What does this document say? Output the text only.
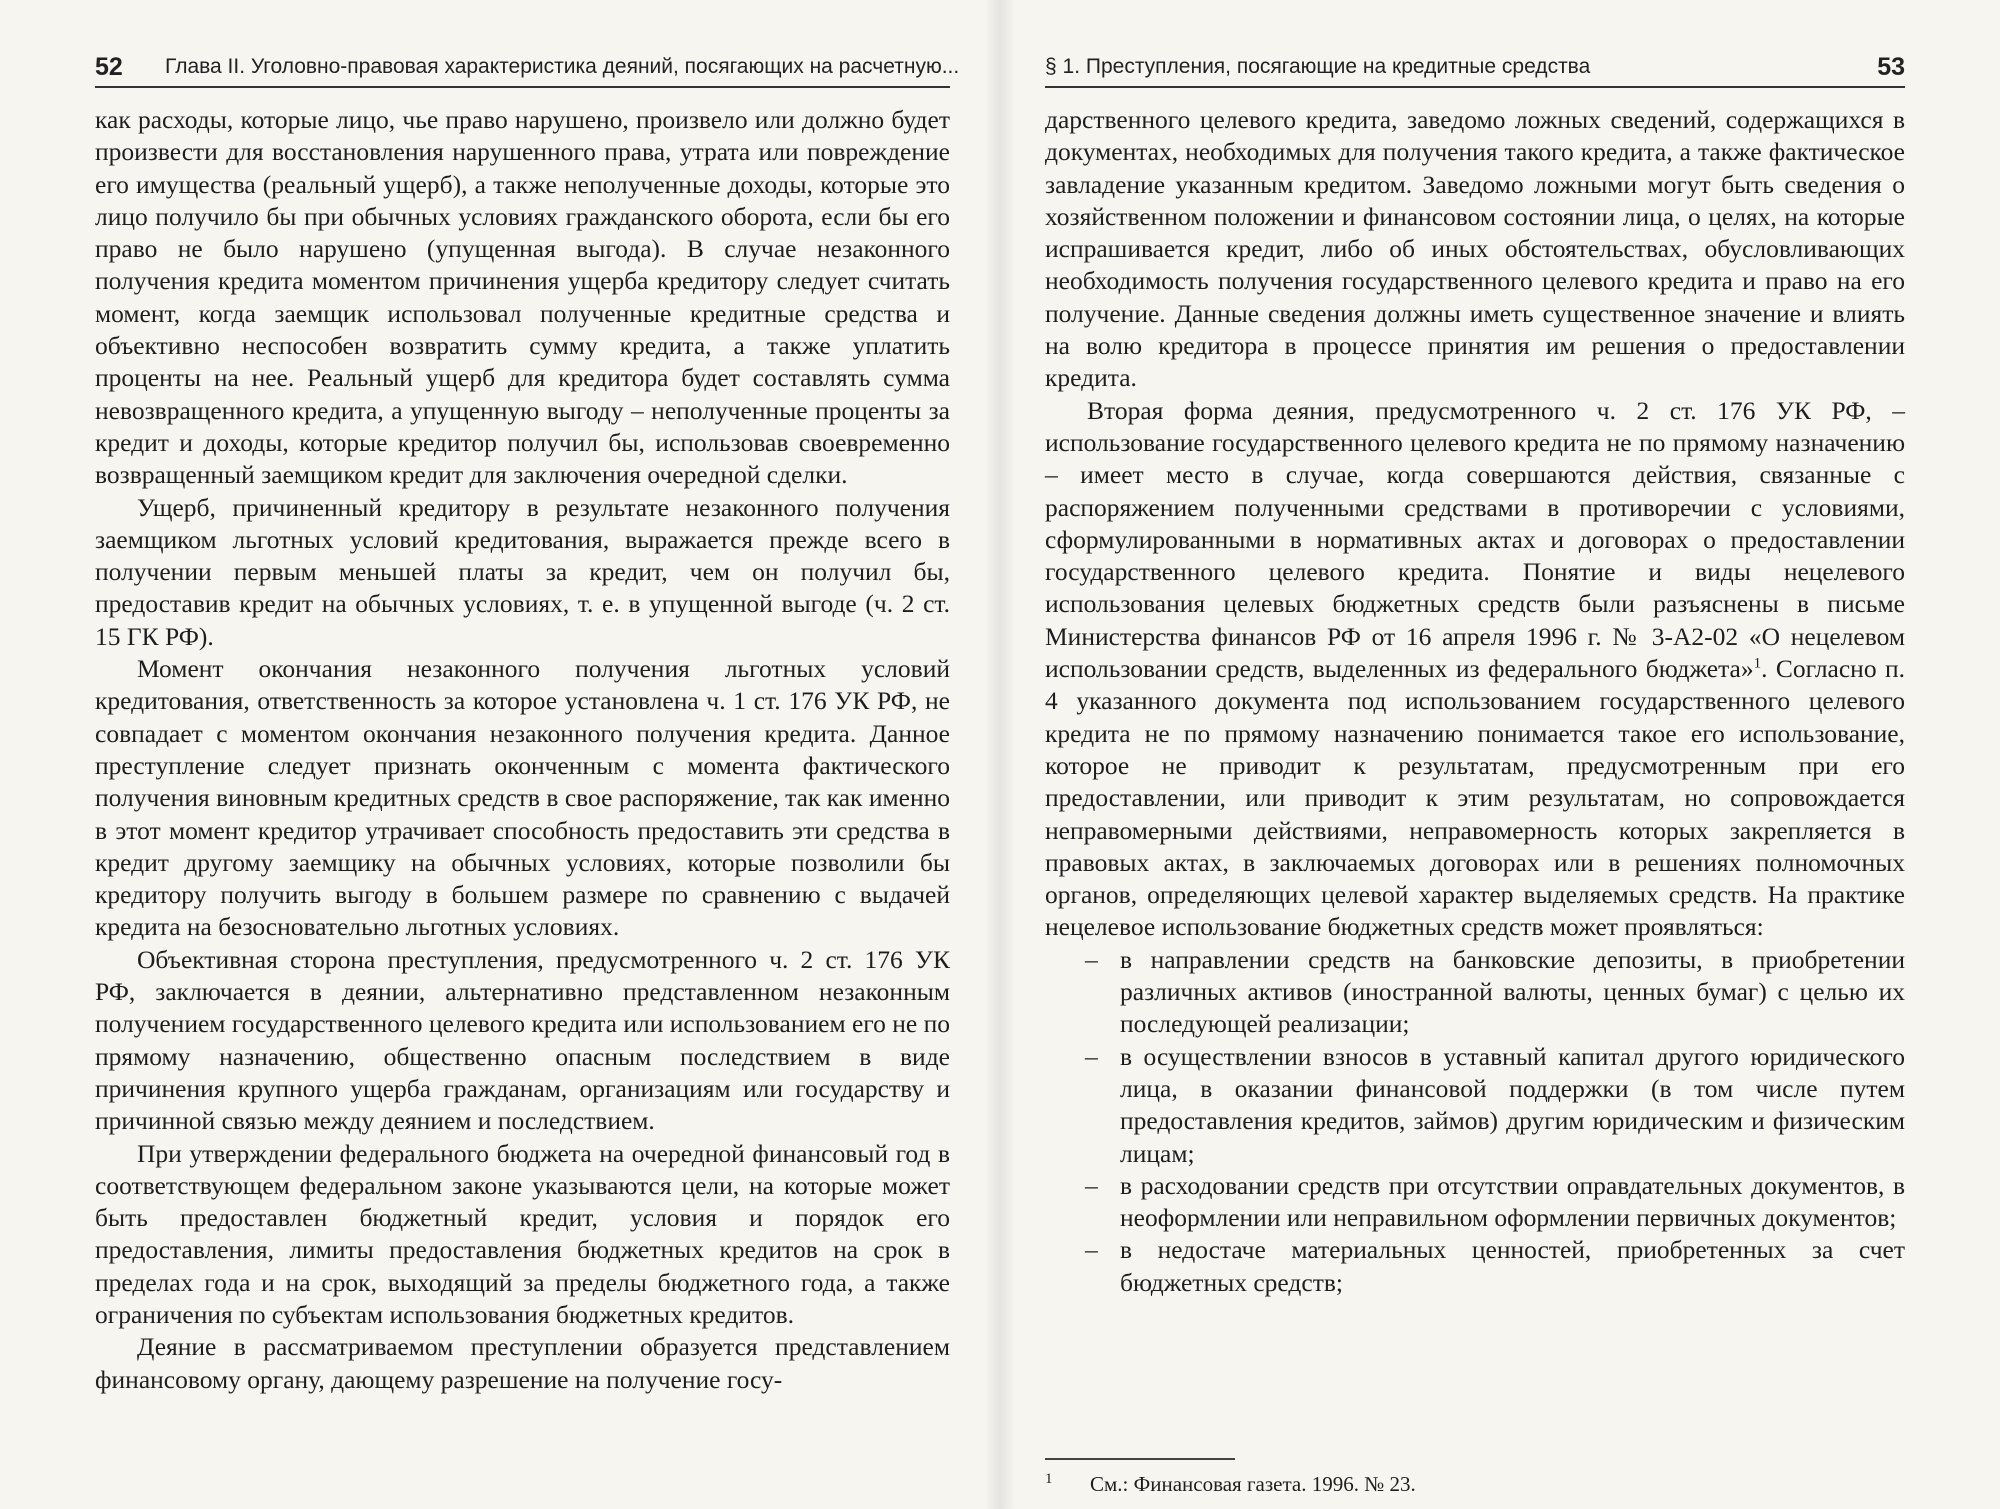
52 Глава II. Уголовно-правовая характеристика деяний, посягающих на расчетную...

как расходы, которые лицо, чье право нарушено, произвело или должно будет произвести для восстановления нарушенного права, утрата или повреждение его имущества (реальный ущерб), а также неполученные доходы, которые это лицо получило бы при обычных условиях гражданского оборота, если бы его право не было нарушено (упущенная выгода). В случае незаконного получения кредита моментом причинения ущерба кредитору следует считать момент, когда заемщик использовал полученные кредитные средства и объективно неспособен возвратить сумму кредита, а также уплатить проценты на нее. Реальный ущерб для кредитора будет составлять сумма невозвращенного кредита, а упущенную выгоду – неполученные проценты за кредит и доходы, которые кредитор получил бы, использовав своевременно возвращенный заемщиком кредит для заключения очередной сделки.

Ущерб, причиненный кредитору в результате незаконного получения заемщиком льготных условий кредитования, выражается прежде всего в получении первым меньшей платы за кредит, чем он получил бы, предоставив кредит на обычных условиях, т. е. в упущенной выгоде (ч. 2 ст. 15 ГК РФ).

Момент окончания незаконного получения льготных условий кредитования, ответственность за которое установлена ч. 1 ст. 176 УК РФ, не совпадает с моментом окончания незаконного получения кредита. Данное преступление следует признать оконченным с момента фактического получения виновным кредитных средств в свое распоряжение, так как именно в этот момент кредитор утрачивает способность предоставить эти средства в кредит другому заемщику на обычных условиях, которые позволили бы кредитору получить выгоду в большем размере по сравнению с выдачей кредита на безосновательно льготных условиях.

Объективная сторона преступления, предусмотренного ч. 2 ст. 176 УК РФ, заключается в деянии, альтернативно представленном незаконным получением государственного целевого кредита или использованием его не по прямому назначению, общественно опасным последствием в виде причинения крупного ущерба гражданам, организациям или государству и причинной связью между деянием и последствием.

При утверждении федерального бюджета на очередной финансовый год в соответствующем федеральном законе указываются цели, на которые может быть предоставлен бюджетный кредит, условия и порядок его предоставления, лимиты предоставления бюджетных кредитов на срок в пределах года и на срок, выходящий за пределы бюджетного года, а также ограничения по субъектам использования бюджетных кредитов.

Деяние в рассматриваемом преступлении образуется представлением финансовому органу, дающему разрешение на получение госу-

§ 1. Преступления, посягающие на кредитные средства	53

дарственного целевого кредита, заведомо ложных сведений, содержащихся в документах, необходимых для получения такого кредита, а также фактическое завладение указанным кредитом. Заведомо ложными могут быть сведения о хозяйственном положении и финансовом состоянии лица, о целях, на которые испрашивается кредит, либо об иных обстоятельствах, обусловливающих необходимость получения государственного целевого кредита и право на его получение. Данные сведения должны иметь существенное значение и влиять на волю кредитора в процессе принятия им решения о предоставлении кредита.

Вторая форма деяния, предусмотренного ч. 2 ст. 176 УК РФ, – использование государственного целевого кредита не по прямому назначению – имеет место в случае, когда совершаются действия, связанные с распоряжением полученными средствами в противоречии с условиями, сформулированными в нормативных актах и договорах о предоставлении государственного целевого кредита. Понятие и виды нецелевого использования целевых бюджетных средств были разъяснены в письме Министерства финансов РФ от 16 апреля 1996 г. № 3-А2-02 «О нецелевом использовании средств, выделенных из федерального бюджета»$^1$. Согласно п. 4 указанного документа под использованием государственного целевого кредита не по прямому назначению понимается такое его использование, которое не приводит к результатам, предусмотренным при его предоставлении, или приводит к этим результатам, но сопровождается неправомерными действиями, неправомерность которых закрепляется в правовых актах, в заключаемых договорах или в решениях полномочных органов, определяющих целевой характер выделяемых средств. На практике нецелевое использование бюджетных средств может проявляться:

– в направлении средств на банковские депозиты, в приобретении различных активов (иностранной валюты, ценных бумаг) с целью их последующей реализации;

– в осуществлении взносов в уставный капитал другого юридического лица, в оказании финансовой поддержки (в том числе путем предоставления кредитов, займов) другим юридическим и физическим лицам;

– в расходовании средств при отсутствии оправдательных документов, в неоформлении или неправильном оформлении первичных документов;

– в недостаче материальных ценностей, приобретенных за счет бюджетных средств;

$^1$ См.: Финансовая газета. 1996. № 23.
